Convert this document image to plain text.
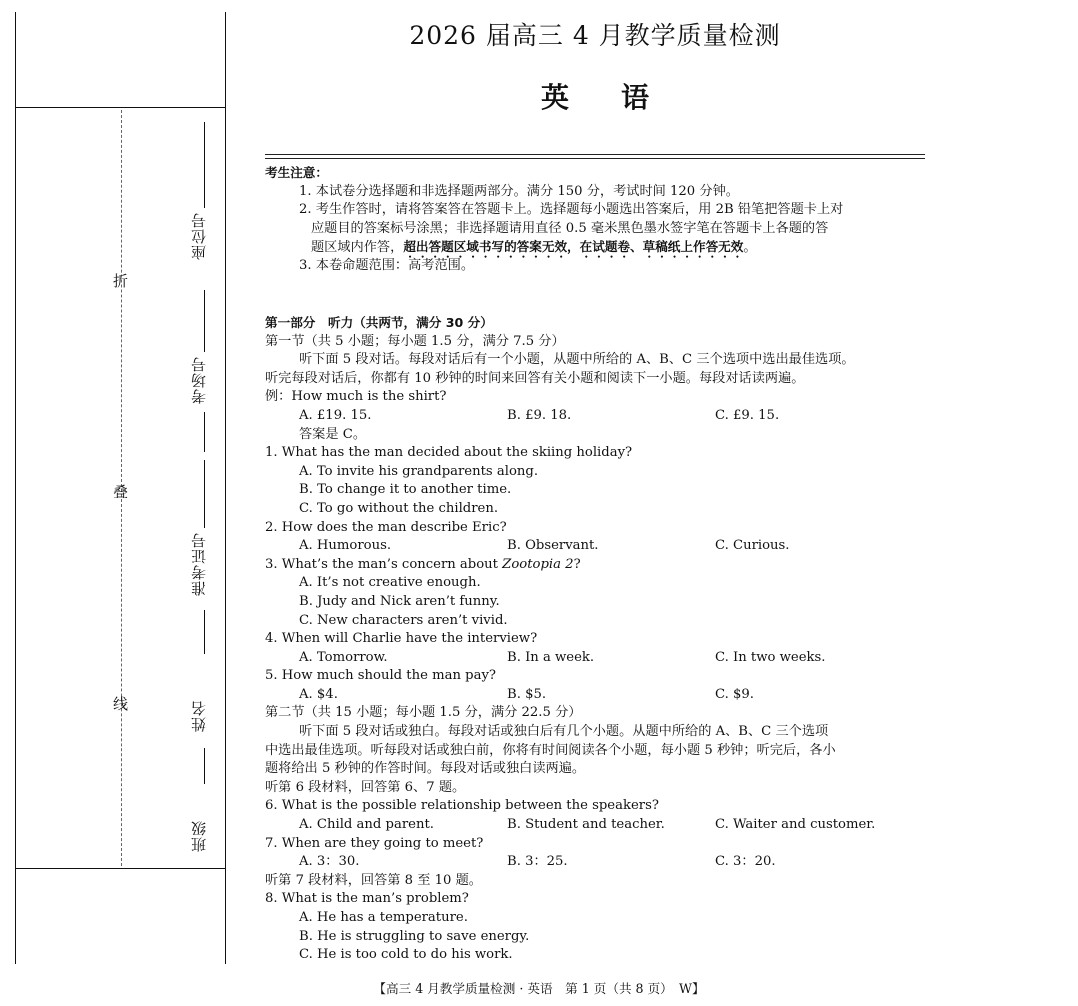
折
叠
线
座位号
考场号
准考证号
姓名
班级
2026 届高三 4 月教学质量检测
英语
考生注意：
1. 本试卷分选择题和非选择题两部分。满分 150 分，考试时间 120 分钟。
2. 考生作答时，请将答案答在答题卡上。选择题每小题选出答案后，用 2B 铅笔把答题卡上对
应题目的答案标号涂黑；非选择题请用直径 0.5 毫米黑色墨水签字笔在答题卡上各题的答
题区域内作答，超出答题区域书写的答案无效，在试题卷、草稿纸上作答无效。
3. 本卷命题范围：高考范围。
第一部分　听力（共两节，满分 30 分）
第一节（共 5 小题；每小题 1.5 分，满分 7.5 分）
听下面 5 段对话。每段对话后有一个小题，从题中所给的 A、B、C 三个选项中选出最佳选项。
听完每段对话后，你都有 10 秒钟的时间来回答有关小题和阅读下一小题。每段对话读两遍。
例：How much is the shirt?
A. £19. 15.	B. £9. 18.	C. £9. 15.
答案是 C。
1. What has the man decided about the skiing holiday?
A. To invite his grandparents along.
B. To change it to another time.
C. To go without the children.
2. How does the man describe Eric?
A. Humorous.	B. Observant.	C. Curious.
3. What’s the man’s concern about Zootopia 2?
A. It’s not creative enough.
B. Judy and Nick aren’t funny.
C. New characters aren’t vivid.
4. When will Charlie have the interview?
A. Tomorrow.	B. In a week.	C. In two weeks.
5. How much should the man pay?
A. $4.	B. $5.	C. $9.
第二节（共 15 小题；每小题 1.5 分，满分 22.5 分）
听下面 5 段对话或独白。每段对话或独白后有几个小题。从题中所给的 A、B、C 三个选项
中选出最佳选项。听每段对话或独白前，你将有时间阅读各个小题，每小题 5 秒钟；听完后，各小
题将给出 5 秒钟的作答时间。每段对话或独白读两遍。
听第 6 段材料，回答第 6、7 题。
6. What is the possible relationship between the speakers?
A. Child and parent.	B. Student and teacher.	C. Waiter and customer.
7. When are they going to meet?
A. 3：30.	B. 3：25.	C. 3：20.
听第 7 段材料，回答第 8 至 10 题。
8. What is the man’s problem?
A. He has a temperature.
B. He is struggling to save energy.
C. He is too cold to do his work.
【高三 4 月教学质量检测 · 英语　第 1 页（共 8 页）　W】
